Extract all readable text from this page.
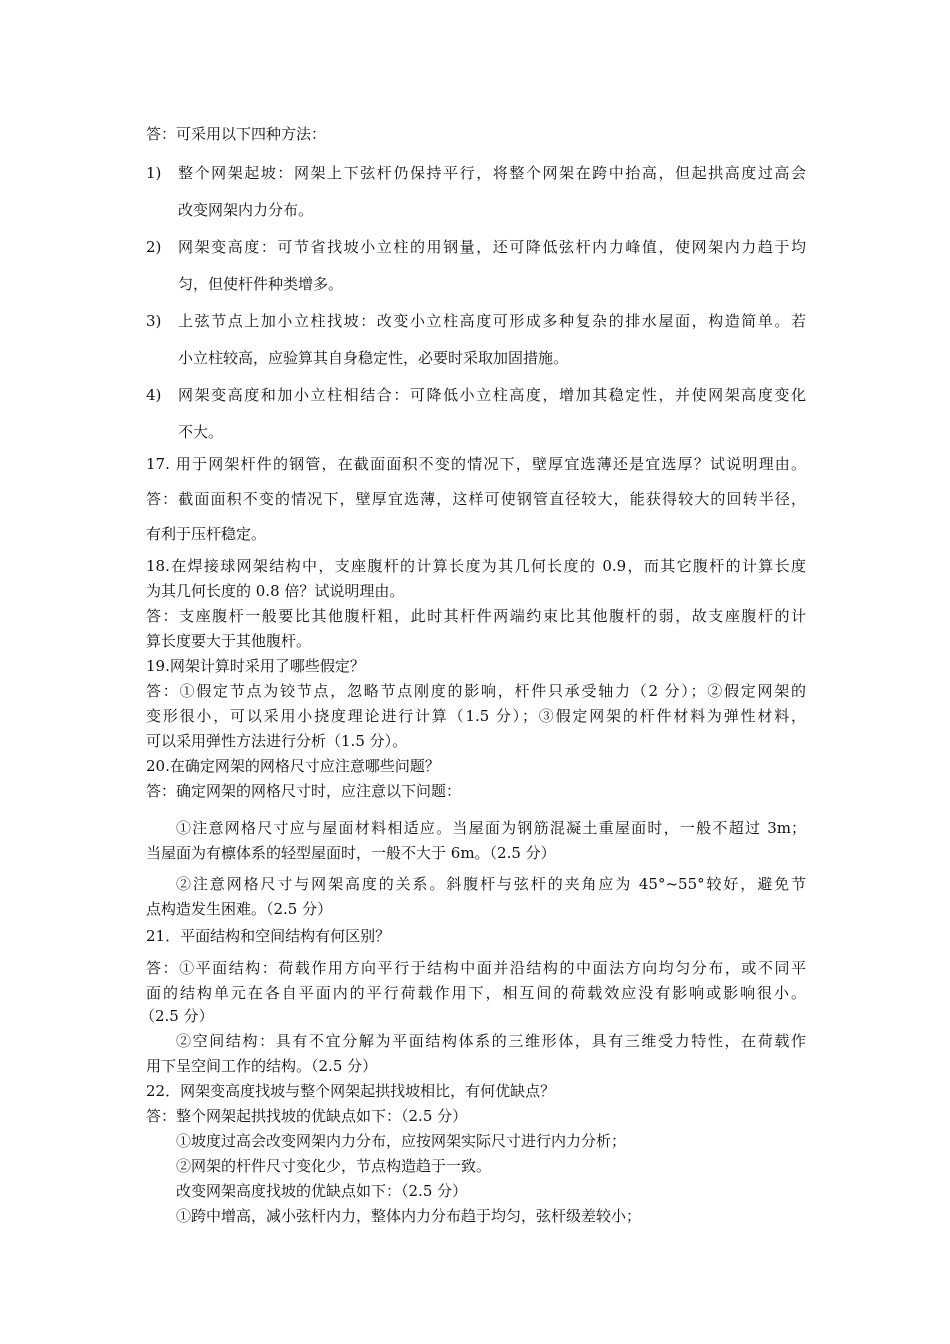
答：可采用以下四种方法：
1) 整个网架起坡：网架上下弦杆仍保持平行，将整个网架在跨中抬高，但起拱高度过高会
改变网架内力分布。
2) 网架变高度：可节省找坡小立柱的用钢量，还可降低弦杆内力峰值，使网架内力趋于均
匀，但使杆件种类增多。
3) 上弦节点上加小立柱找坡：改变小立柱高度可形成多种复杂的排水屋面，构造简单。若
小立柱较高，应验算其自身稳定性，必要时采取加固措施。
4) 网架变高度和加小立柱相结合：可降低小立柱高度，增加其稳定性，并使网架高度变化
不大。
17. 用于网架杆件的钢管，在截面面积不变的情况下，壁厚宜选薄还是宜选厚？试说明理由。
答：截面面积不变的情况下，壁厚宜选薄，这样可使钢管直径较大，能获得较大的回转半径，
有利于压杆稳定。
18.在焊接球网架结构中，支座腹杆的计算长度为其几何长度的 0.9，而其它腹杆的计算长度
为其几何长度的 0.8 倍？试说明理由。
答：支座腹杆一般要比其他腹杆粗，此时其杆件两端约束比其他腹杆的弱，故支座腹杆的计
算长度要大于其他腹杆。
19.网架计算时采用了哪些假定？
答：①假定节点为铰节点，忽略节点刚度的影响，杆件只承受轴力（2 分）；②假定网架的
变形很小，可以采用小挠度理论进行计算（1.5 分）；③假定网架的杆件材料为弹性材料，
可以采用弹性方法进行分析（1.5 分）。
20.在确定网架的网格尺寸应注意哪些问题？
答：确定网架的网格尺寸时，应注意以下问题：
①注意网格尺寸应与屋面材料相适应。当屋面为钢筋混凝土重屋面时，一般不超过 3m；
当屋面为有檩体系的轻型屋面时，一般不大于 6m。（2.5 分）
②注意网格尺寸与网架高度的关系。斜腹杆与弦杆的夹角应为 45°~55°较好，避免节
点构造发生困难。（2.5 分）
21．平面结构和空间结构有何区别？
答：①平面结构：荷载作用方向平行于结构中面并沿结构的中面法方向均匀分布，或不同平
面的结构单元在各自平面内的平行荷载作用下，相互间的荷载效应没有影响或影响很小。
（2.5 分）
②空间结构：具有不宜分解为平面结构体系的三维形体，具有三维受力特性，在荷载作
用下呈空间工作的结构。（2.5 分）
22．网架变高度找坡与整个网架起拱找坡相比，有何优缺点？
答：整个网架起拱找坡的优缺点如下：（2.5 分）
①坡度过高会改变网架内力分布，应按网架实际尺寸进行内力分析；
②网架的杆件尺寸变化少，节点构造趋于一致。
改变网架高度找坡的优缺点如下：（2.5 分）
①跨中增高，减小弦杆内力，整体内力分布趋于均匀，弦杆级差较小；
